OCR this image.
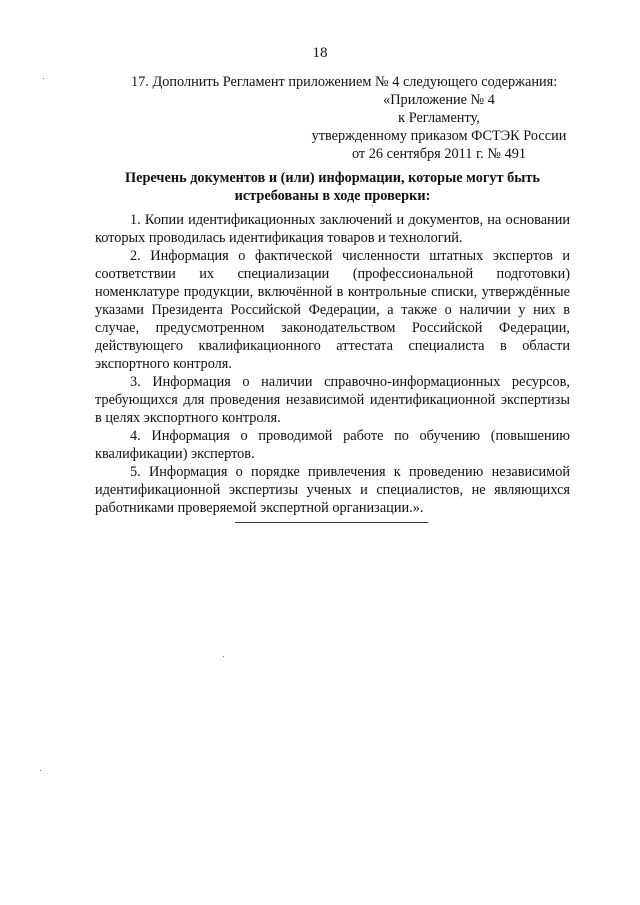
18
17. Дополнить Регламент приложением № 4 следующего содержания:
«Приложение № 4
к Регламенту,
утвержденному приказом ФСТЭК России
от 26 сентября 2011 г. № 491
Перечень документов и (или) информации, которые могут быть
истребованы в ходе проверки:

1. Копии идентификационных заключений и документов, на основании которых проводилась идентификация товаров и технологий.

2. Информация о фактической численности штатных экспертов и соответствии их специализации (профессиональной подготовки) номенклатуре продукции, включённой в контрольные списки, утверждённые указами Президента Российской Федерации, а также о наличии у них в случае, предусмотренном законодательством Российской Федерации, действующего квалификационного аттестата специалиста в области экспортного контроля.

3. Информация о наличии справочно-информационных ресурсов, требующихся для проведения независимой идентификационной экспертизы в целях экспортного контроля.

4. Информация о проводимой работе по обучению (повышению квалификации) экспертов.

5. Информация о порядке привлечения к проведению независимой идентификационной экспертизы ученых и специалистов, не являющихся работниками проверяемой экспертной организации.».
